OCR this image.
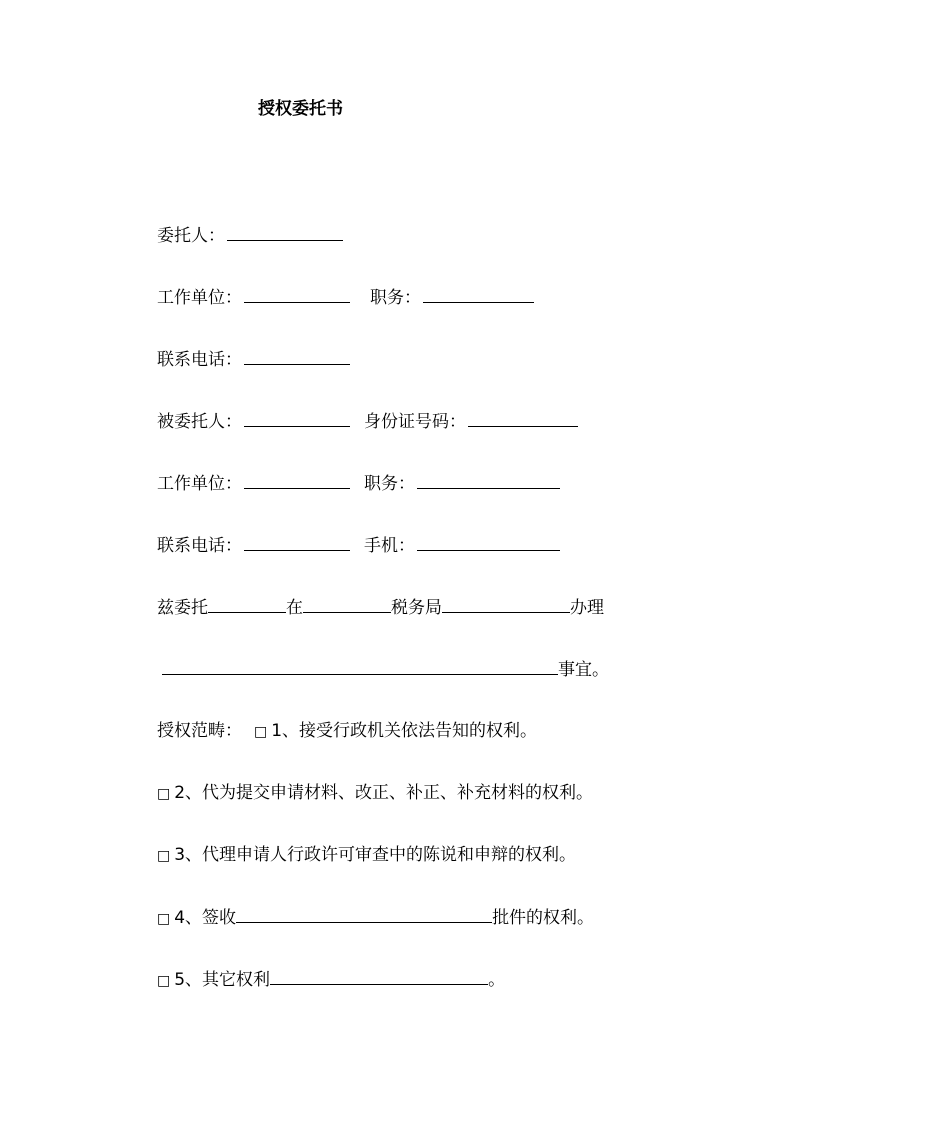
授权委托书
委托人：
工作单位：	职务：
联系电话：
被委托人：	身份证号码：
工作单位：	职务：
联系电话：	手机：
兹委托	在	税务局	办理
事宜。
授权范畴： □ 1、接受行政机关依法告知的权利。
□ 2、代为提交申请材料、改正、补正、补充材料的权利。
□ 3、代理申请人行政许可审查中的陈说和申辩的权利。
□ 4、签收	批件的权利。
□ 5、其它权利	。
